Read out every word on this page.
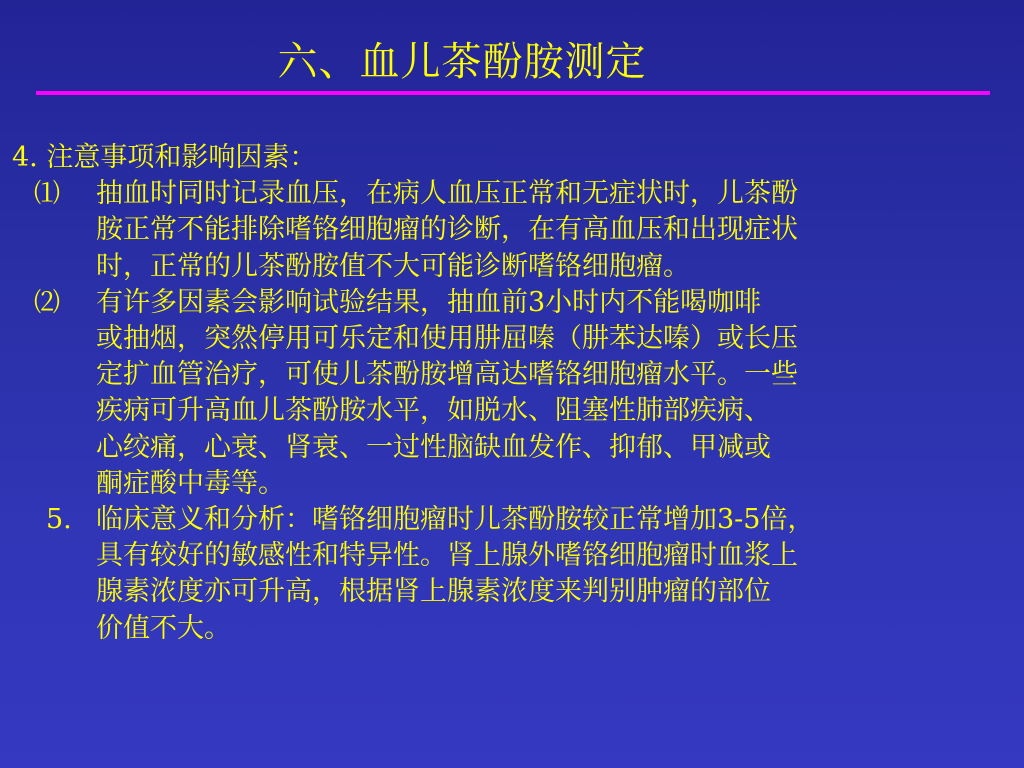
六、血儿茶酚胺测定
4. 注意事项和影响因素：
⑴ 抽血时同时记录血压，在病人血压正常和无症状时，儿茶酚
胺正常不能排除嗜铬细胞瘤的诊断，在有高血压和出现症状
时，正常的儿茶酚胺值不大可能诊断嗜铬细胞瘤。
⑵ 有许多因素会影响试验结果，抽血前3小时内不能喝咖啡
或抽烟，突然停用可乐定和使用肼屈嗪（肼苯达嗪）或长压
定扩血管治疗，可使儿茶酚胺增高达嗜铬细胞瘤水平。一些
疾病可升高血儿茶酚胺水平，如脱水、阻塞性肺部疾病、
心绞痛，心衰、肾衰、一过性脑缺血发作、抑郁、甲减或
酮症酸中毒等。
5. 临床意义和分析：嗜铬细胞瘤时儿茶酚胺较正常增加3-5倍，
具有较好的敏感性和特异性。肾上腺外嗜铬细胞瘤时血浆上
腺素浓度亦可升高，根据肾上腺素浓度来判别肿瘤的部位
价值不大。
